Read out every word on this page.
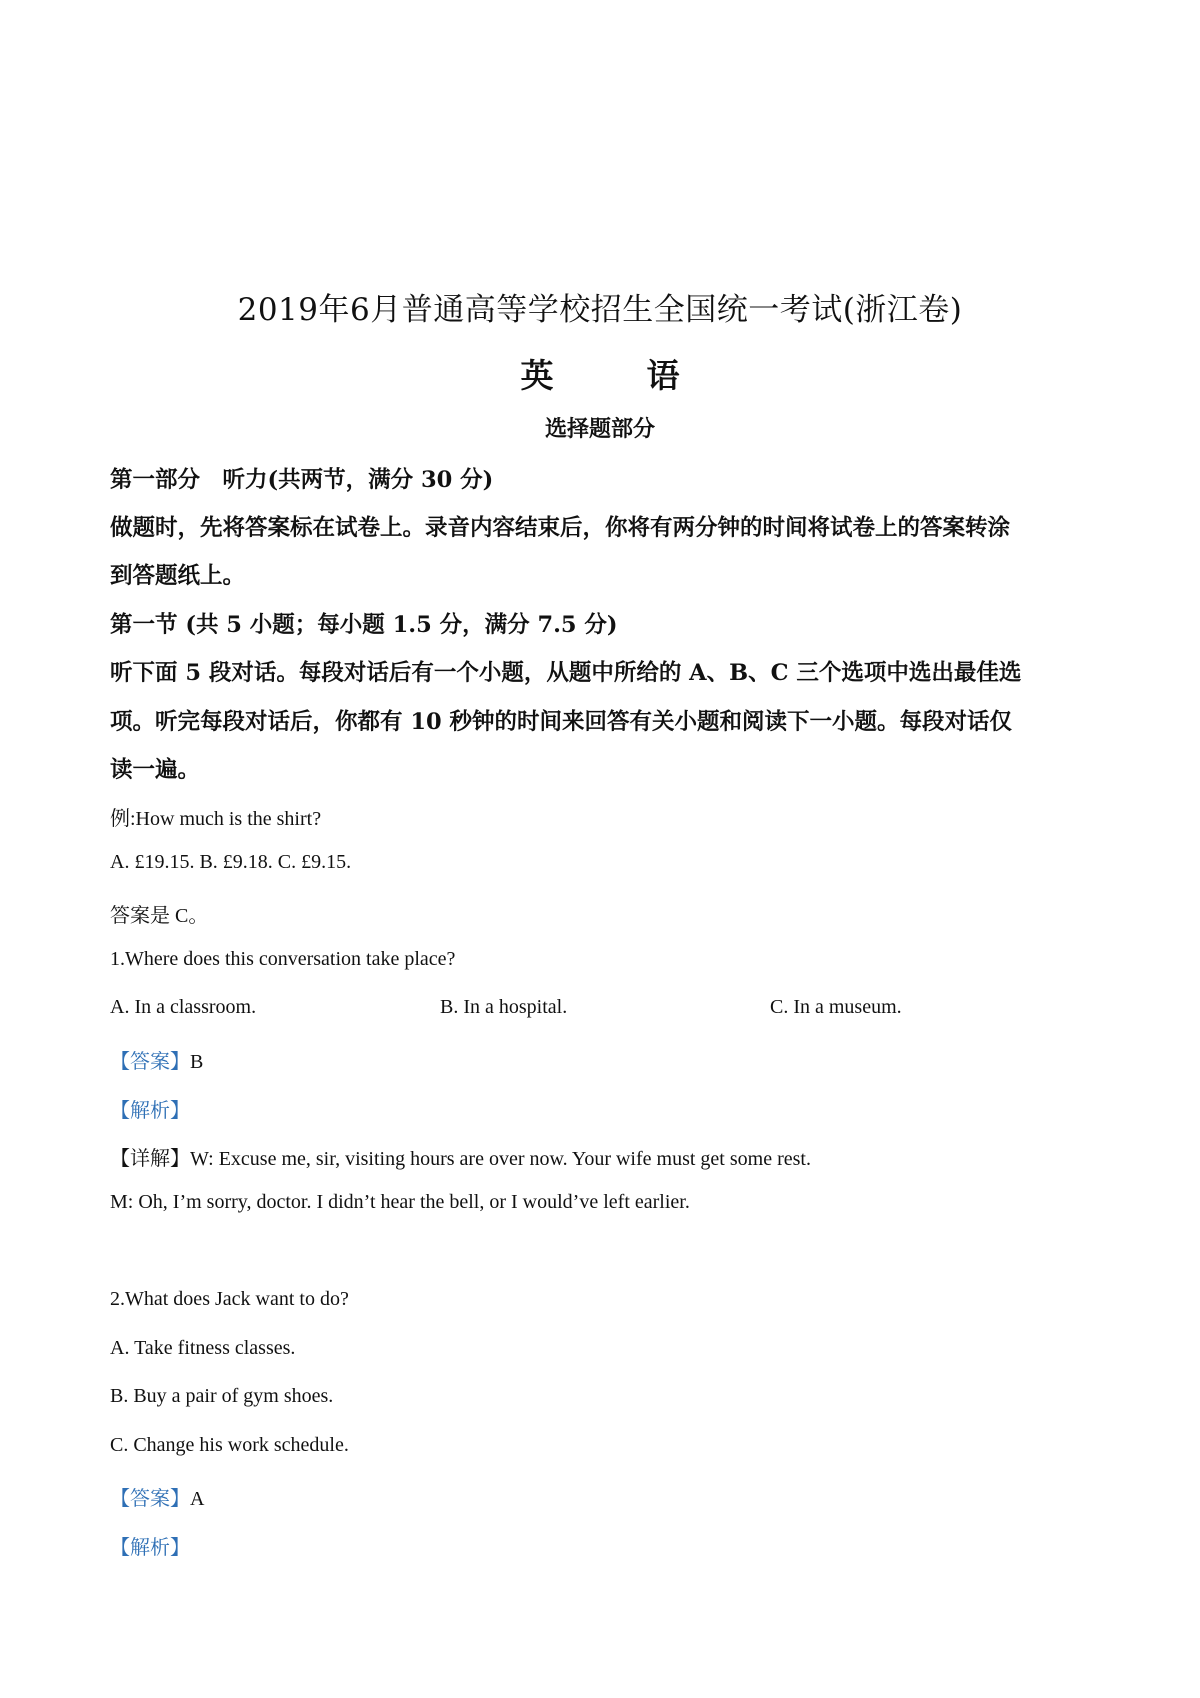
2019年6月普通高等学校招生全国统一考试(浙江卷)
英　语
选择题部分
第一部分　听力(共两节，满分 30 分)
做题时，先将答案标在试卷上。录音内容结束后，你将有两分钟的时间将试卷上的答案转涂
到答题纸上。
第一节 (共 5 小题；每小题 1.5 分，满分 7.5 分)
听下面 5 段对话。每段对话后有一个小题，从题中所给的 A、B、C 三个选项中选出最佳选
项。听完每段对话后，你都有 10 秒钟的时间来回答有关小题和阅读下一小题。每段对话仅
读一遍。
例:How much is the shirt?
A. £19.15. B. £9.18. C. £9.15.
答案是 C。
1.Where does this conversation take place?
A. In a classroom.	B. In a hospital.	C. In a museum.
【答案】B
【解析】
【详解】W: Excuse me, sir, visiting hours are over now. Your wife must get some rest.
M: Oh, I’m sorry, doctor. I didn’t hear the bell, or I would’ve left earlier.
2.What does Jack want to do?
A. Take fitness classes.
B. Buy a pair of gym shoes.
C. Change his work schedule.
【答案】A
【解析】
